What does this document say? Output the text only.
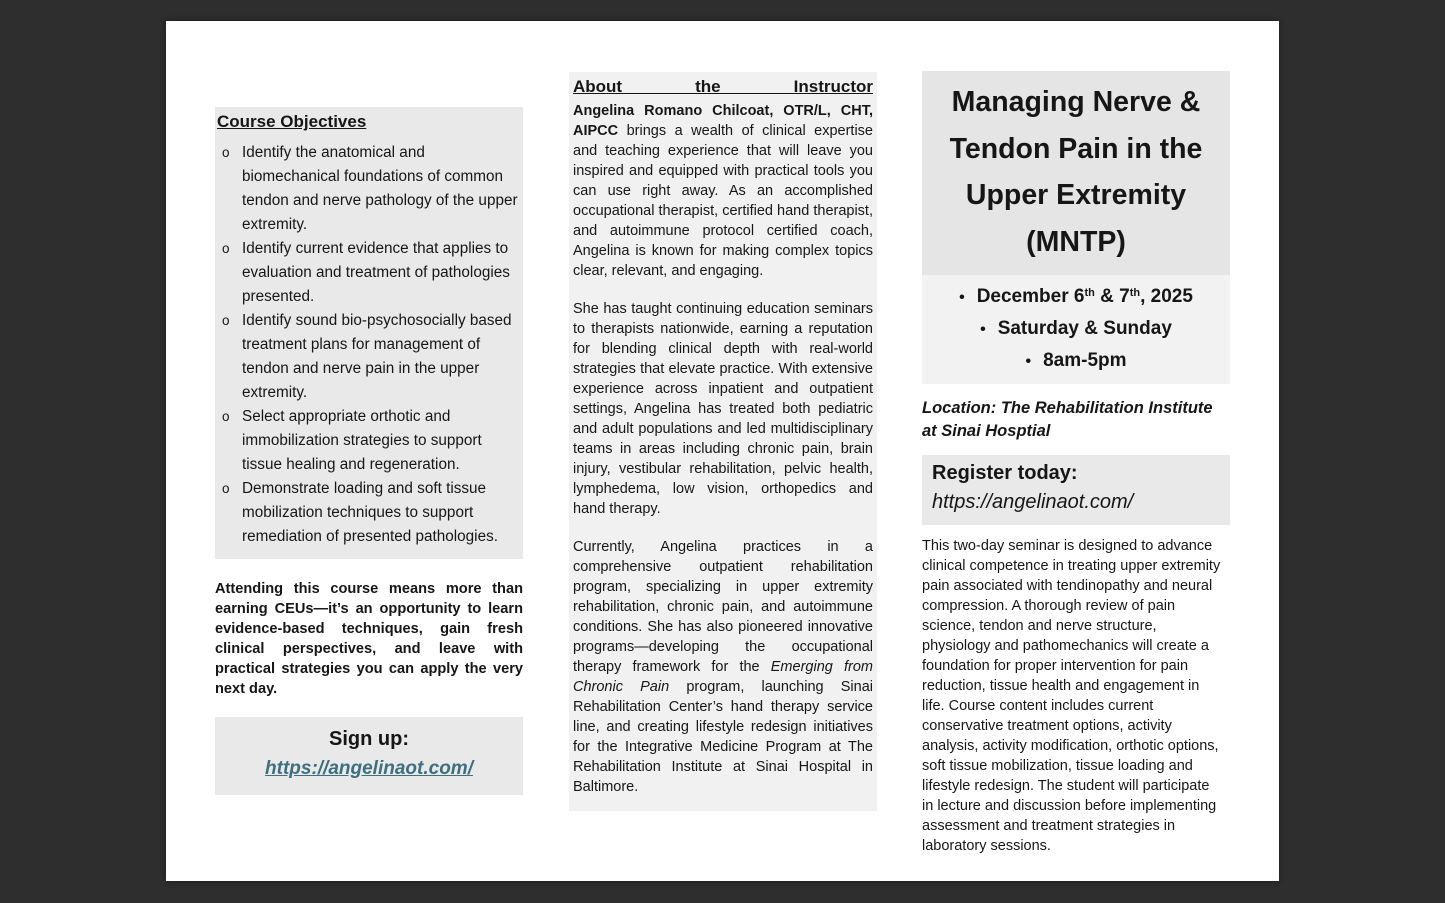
Course Objectives
o Identify the anatomical and biomechanical foundations of common tendon and nerve pathology of the upper extremity.
o Identify current evidence that applies to evaluation and treatment of pathologies presented.
o Identify sound bio-psychosocially based treatment plans for management of tendon and nerve pain in the upper extremity.
o Select appropriate orthotic and immobilization strategies to support tissue healing and regeneration.
o Demonstrate loading and soft tissue mobilization techniques to support remediation of presented pathologies.
Attending this course means more than earning CEUs—it’s an opportunity to learn evidence-based techniques, gain fresh clinical perspectives, and leave with practical strategies you can apply the very next day.
Sign up:
https://angelinaot.com/
About the Instructor

Angelina Romano Chilcoat, OTR/L, CHT, AIPCC brings a wealth of clinical expertise and teaching experience that will leave you inspired and equipped with practical tools you can use right away. As an accomplished occupational therapist, certified hand therapist, and autoimmune protocol certified coach, Angelina is known for making complex topics clear, relevant, and engaging.

She has taught continuing education seminars to therapists nationwide, earning a reputation for blending clinical depth with real-world strategies that elevate practice. With extensive experience across inpatient and outpatient settings, Angelina has treated both pediatric and adult populations and led multidisciplinary teams in areas including chronic pain, brain injury, vestibular rehabilitation, pelvic health, lymphedema, low vision, orthopedics and hand therapy.

Currently, Angelina practices in a comprehensive outpatient rehabilitation program, specializing in upper extremity rehabilitation, chronic pain, and autoimmune conditions. She has also pioneered innovative programs—developing the occupational therapy framework for the Emerging from Chronic Pain program, launching Sinai Rehabilitation Center’s hand therapy service line, and creating lifestyle redesign initiatives for the Integrative Medicine Program at The Rehabilitation Institute at Sinai Hospital in Baltimore.

Managing Nerve & Tendon Pain in the Upper Extremity (MNTP)
• December 6th & 7th, 2025
• Saturday & Sunday
• 8am-5pm
Location: The Rehabilitation Institute at Sinai Hosptial
Register today:
https://angelinaot.com/
This two-day seminar is designed to advance clinical competence in treating upper extremity pain associated with tendinopathy and neural compression. A thorough review of pain science, tendon and nerve structure, physiology and pathomechanics will create a foundation for proper intervention for pain reduction, tissue health and engagement in life. Course content includes current conservative treatment options, activity analysis, activity modification, orthotic options, soft tissue mobilization, tissue loading and lifestyle redesign. The student will participate in lecture and discussion before implementing assessment and treatment strategies in laboratory sessions.
